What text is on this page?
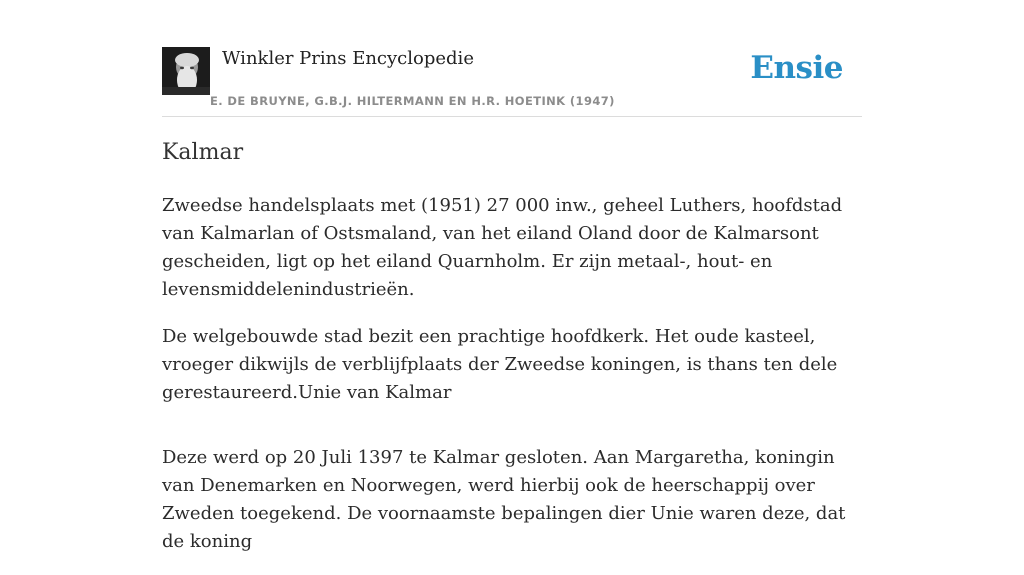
Winkler Prins Encyclopedie
E. DE BRUYNE, G.B.J. HILTERMANN EN H.R. HOETINK (1947)
Ensie
Kalmar

Zweedse handelsplaats met (1951) 27 000 inw., geheel Luthers, hoofdstad van Kalmarlan of Ostsmaland, van het eiland Oland door de Kalmarsont gescheiden, ligt op het eiland Quarnholm. Er zijn metaal-, hout- en levensmiddelenindustrieën.

De welgebouwde stad bezit een prachtige hoofdkerk. Het oude kasteel, vroeger dikwijls de verblijfplaats der Zweedse koningen, is thans ten dele gerestaureerd.Unie van Kalmar

Deze werd op 20 Juli 1397 te Kalmar gesloten. Aan Margaretha, koningin van Denemarken en Noorwegen, werd hierbij ook de heerschappij over Zweden toegekend. De voornaamste bepalingen dier Unie waren deze, dat de koning
